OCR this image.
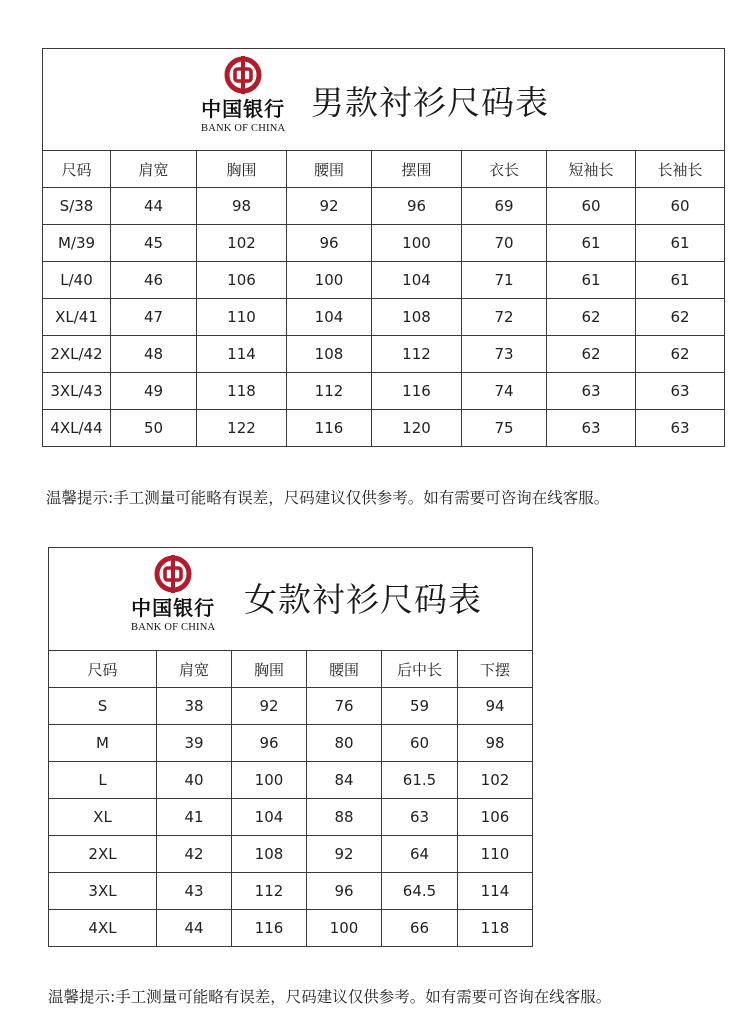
中国银行
BANK OF CHINA
男款衬衫尺码表
尺码	肩宽	胸围	腰围	摆围	衣长	短袖长	长袖长
S/38	44	98	92	96	69	60	60
M/39	45	102	96	100	70	61	61
L/40	46	106	100	104	71	61	61
XL/41	47	110	104	108	72	62	62
2XL/42	48	114	108	112	73	62	62
3XL/43	49	118	112	116	74	63	63
4XL/44	50	122	116	120	75	63	63
温馨提示:手工测量可能略有误差，尺码建议仅供参考。如有需要可咨询在线客服。
中国银行
BANK OF CHINA
女款衬衫尺码表
尺码	肩宽	胸围	腰围	后中长	下摆
S	38	92	76	59	94
M	39	96	80	60	98
L	40	100	84	61.5	102
XL	41	104	88	63	106
2XL	42	108	92	64	110
3XL	43	112	96	64.5	114
4XL	44	116	100	66	118
温馨提示:手工测量可能略有误差，尺码建议仅供参考。如有需要可咨询在线客服。
